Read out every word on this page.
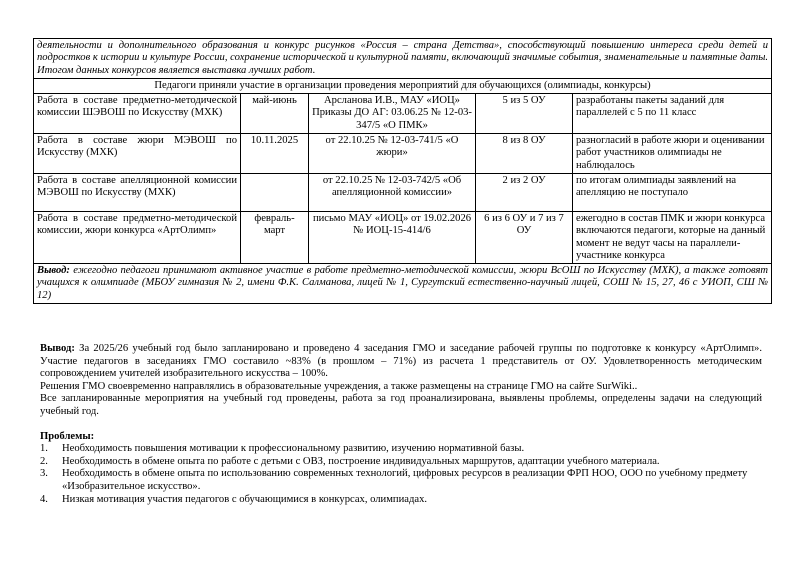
деятельности и дополнительного образования и конкурс рисунков «Россия – страна Детства», способствующий повышению интереса среди детей и подростков к истории и культуре России, сохранение исторической и культурной памяти, включающий значимые события, знаменательные и памятные даты. Итогом данных конкурсов является выставка лучших работ.				
Педагоги приняли участие в организации проведения мероприятий для обучающихся (олимпиады, конкурсы)				
Работа в составе предметно-методической комиссии ШЭВОШ по Искусству (МХК)	май-июнь	Арсланова И.В., МАУ «ИОЦ» Приказы ДО АГ: 03.06.25 № 12-03-347/5 «О ПМК»	5 из 5 ОУ	разработаны пакеты заданий для параллелей с 5 по 11 класс
Работа в составе жюри МЭВОШ по Искусству (МХК)	10.11.2025	от 22.10.25 № 12-03-741/5 «О жюри»	8 из 8 ОУ	разногласий в работе жюри и оценивании работ участников олимпиады не наблюдалось
Работа в составе апелляционной комиссии МЭВОШ по Искусству (МХК)		от 22.10.25 № 12-03-742/5 «Об апелляционной комиссии»	2 из 2 ОУ	по итогам олимпиады заявлений на апелляцию не поступало
Работа в составе предметно-методической комиссии, жюри конкурса «АртОлимп»	февраль-март	письмо МАУ «ИОЦ» от 19.02.2026 № ИОЦ-15-414/6	6 из 6 ОУ и 7 из 7 ОУ	ежегодно в состав ПМК и жюри конкурса включаются педагоги, которые на данный момент не ведут часы на параллели-участнике конкурса
Вывод: ежегодно педагоги принимают активное участие в работе предметно-методической комиссии, жюри ВсОШ по Искусству (МХК), а также готовят учащихся к олимпиаде (МБОУ гимназия № 2, имени Ф.К. Салманова, лицей № 1, Сургутский естественно-научный лицей, СОШ № 15, 27, 46 с УИОП, СШ № 12)				

Вывод: За 2025/26 учебный год было запланировано и проведено 4 заседания ГМО и заседание рабочей группы по подготовке к конкурсу «АртОлимп». Участие педагогов в заседаниях ГМО составило ~83% (в прошлом – 71%) из расчета 1 представитель от ОУ. Удовлетворенность методическим сопровождением учителей изобразительного искусства – 100%.

Решения ГМО своевременно направлялись в образовательные учреждения, а также размещены на странице ГМО на сайте SurWiki..

Все запланированные мероприятия на учебный год проведены, работа за год проанализирована, выявлены проблемы, определены задачи на следующий учебный год.

Проблемы:

1.	Необходимость повышения мотивации к профессиональному развитию, изучению нормативной базы.
2.	Необходимость в обмене опыта по работе с детьми с ОВЗ, построение индивидуальных маршрутов, адаптации учебного материала.
3.	Необходимость в обмене опыта по использованию современных технологий, цифровых ресурсов в реализации ФРП НОО, ООО по учебному предмету «Изобразительное искусство».
4.	Низкая мотивация участия педагогов с обучающимися в конкурсах, олимпиадах.
